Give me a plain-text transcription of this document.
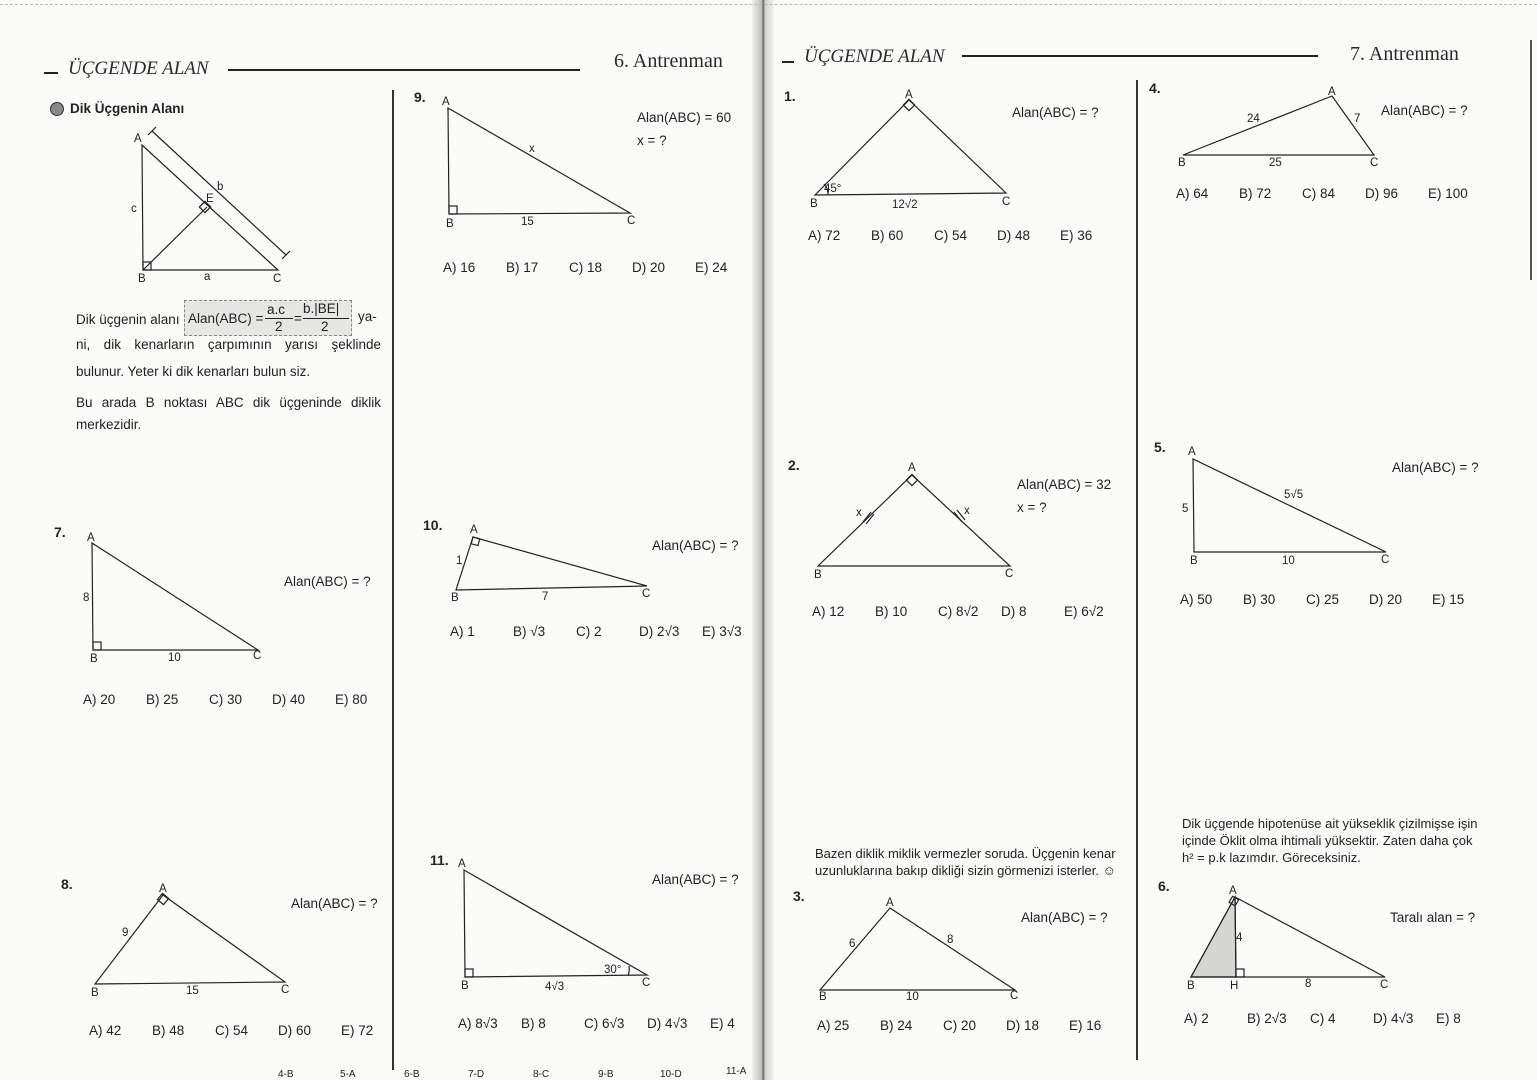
ÜÇGENDE ALAN	6. Antrenman
Dik Üçgenin Alanı
Dik üçgenin alanı Alan(ABC) =
a.c
2
=
b.|BE|
2
ya-
ni, dik kenarların çarpımının yarısı şeklinde bulunur. Yeter ki dik kenarları bulun siz.
Bu arada B noktası ABC dik üçgeninde diklik merkezidir.
ÜÇGENDE ALAN	7. Antrenman
Bazen diklik miklik vermezler soruda. Üçgenin kenar uzunluklarına bakıp dikliği sizin görmenizi isterler. ☺
Dik üçgende hipotenüse ait yükseklik çizilmişse işin içinde Öklit olma ihtimali yüksektir. Zaten daha çok h² = p.k lazımdır. Göreceksiniz.
7.
Alan(ABC) = ?
8.
Alan(ABC) = ?
9.
Alan(ABC) = 60
x = ?
10.
Alan(ABC) = ?
11.
Alan(ABC) = ?
1.
Alan(ABC) = ?
2.
Alan(ABC) = 32
x = ?
3.
Alan(ABC) = ?
4.
Alan(ABC) = ?
5.
Alan(ABC) = ?
6.
Taralı alan = ?
A) 20	B) 25	C) 30	D) 40	E) 80
A) 42	B) 48	C) 54	D) 60	E) 72
A) 16	B) 17	C) 18	D) 20	E) 24
A) 1	B) √3	C) 2	D) 2√3	E) 3√3
A) 8√3	B) 8	C) 6√3	D) 4√3	E) 4
A) 72	B) 60	C) 54	D) 48	E) 36
A) 12	B) 10	C) 8√2	D) 8	E) 6√2
A) 25	B) 24	C) 20	D) 18	E) 16
A) 64	B) 72	C) 84	D) 96	E) 100
A) 50	B) 30	C) 25	D) 20	E) 15
A) 2	B) 2√3	C) 4	D) 4√3	E) 8
4-B	5-A	6-B	7-D	8-C	9-B	10-D	11-A
A
B	C
E
a
b
c
A
B	C
8
10
A
B	C
9
15
A
B	C
x
15
A
B	C
1
7
A
B	C
4√3
30°
A
B	C
45°
12√2
A
B	C
x	x
A
B	C
6	8
10
A
B	C
24	7
25
A
B	C
5
5√5
10
A
B	H	C
4
8
